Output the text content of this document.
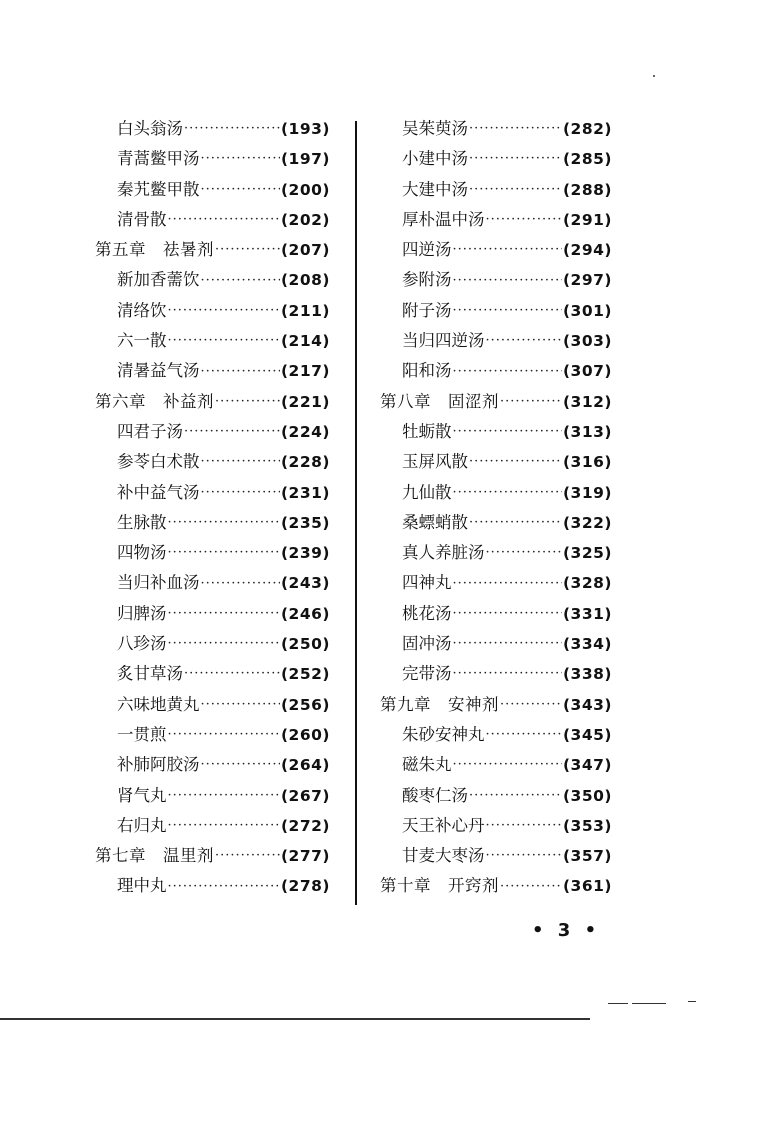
白头翁汤 ·····	(193)
青蒿鳖甲汤 ·····	(197)
秦艽鳖甲散 ·····	(200)
清骨散 ·····	(202)
第五章　祛暑剂 ·····	(207)
新加香薷饮 ·····	(208)
清络饮 ·····	(211)
六一散 ·····	(214)
清暑益气汤 ·····	(217)
第六章　补益剂 ·····	(221)
四君子汤 ·····	(224)
参苓白术散 ·····	(228)
补中益气汤 ·····	(231)
生脉散 ·····	(235)
四物汤 ·····	(239)
当归补血汤 ·····	(243)
归脾汤 ·····	(246)
八珍汤 ·····	(250)
炙甘草汤 ·····	(252)
六味地黄丸 ·····	(256)
一贯煎 ·····	(260)
补肺阿胶汤 ·····	(264)
肾气丸 ·····	(267)
右归丸 ·····	(272)
第七章　温里剂 ·····	(277)
理中丸 ·····	(278)
吴茱萸汤 ·····	(282)
小建中汤 ·····	(285)
大建中汤 ·····	(288)
厚朴温中汤 ·····	(291)
四逆汤 ·····	(294)
参附汤 ·····	(297)
附子汤 ·····	(301)
当归四逆汤 ·····	(303)
阳和汤 ·····	(307)
第八章　固涩剂 ·····	(312)
牡蛎散 ·····	(313)
玉屏风散 ·····	(316)
九仙散 ·····	(319)
桑螵蛸散 ·····	(322)
真人养脏汤 ·····	(325)
四神丸 ·····	(328)
桃花汤 ·····	(331)
固冲汤 ·····	(334)
完带汤 ·····	(338)
第九章　安神剂 ·····	(343)
朱砂安神丸 ·····	(345)
磁朱丸 ·····	(347)
酸枣仁汤 ·····	(350)
天王补心丹 ·····	(353)
甘麦大枣汤 ·····	(357)
第十章　开窍剂 ·····	(361)
• 3 •
